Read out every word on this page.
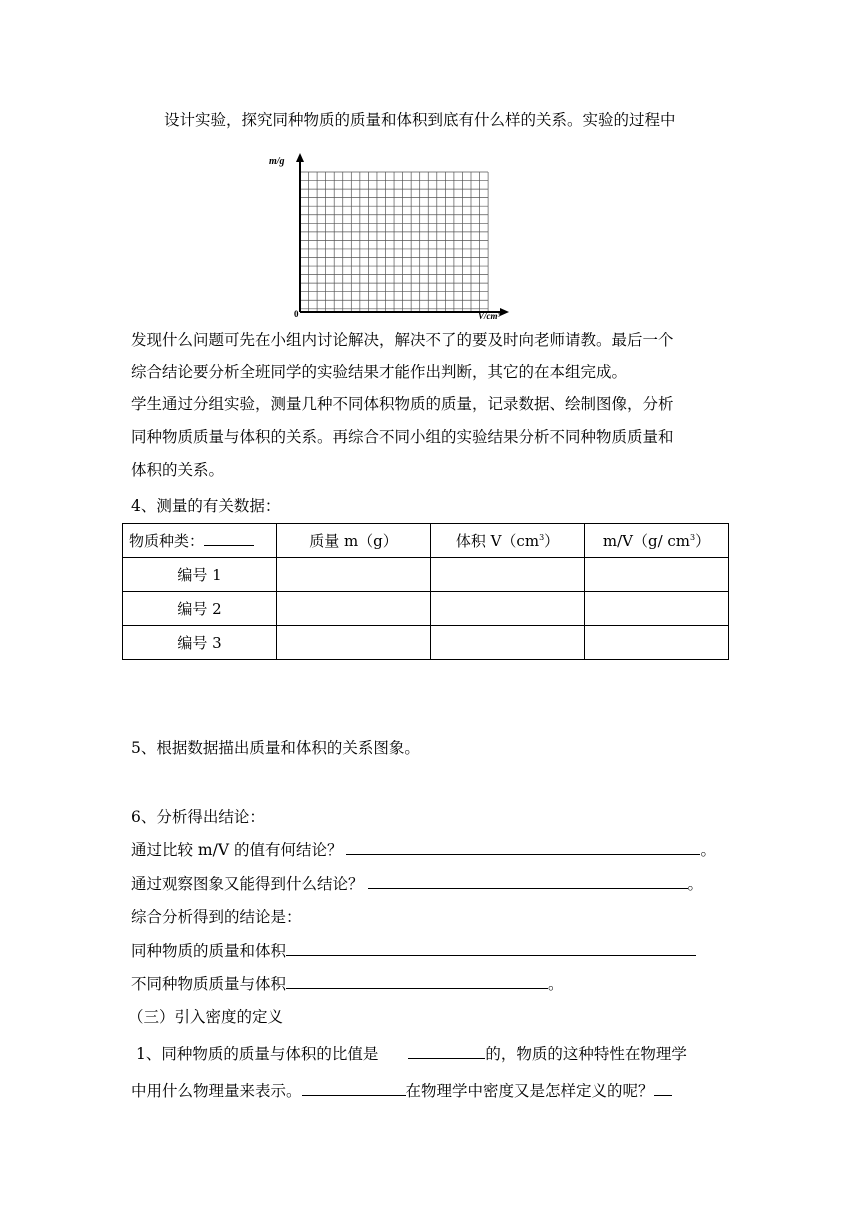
设计实验，探究同种物质的质量和体积到底有什么样的关系。实验的过程中
m/g
0	V/cm³
发现什么问题可先在小组内讨论解决，解决不了的要及时向老师请教。最后一个
综合结论要分析全班同学的实验结果才能作出判断，其它的在本组完成。
学生通过分组实验，测量几种不同体积物质的质量，记录数据、绘制图像，分析
同种物质质量与体积的关系。再综合不同小组的实验结果分析不同种物质质量和
体积的关系。
4、测量的有关数据：
物质种类：	质量 m（g）	体积 $V(cm^3)$	m/V（g/ $cm^3$）
编号 1			
编号 2			
编号 3			
5、根据数据描出质量和体积的关系图象。
6、分析得出结论：
通过比较 m/V 的值有何结论？	。
通过观察图象又能得到什么结论？	。
综合分析得到的结论是：
同种物质的质量和体积
不同种物质质量与体积	。
（三）引入密度的定义
1、同种物质的质量与体积的比值是	的，物质的这种特性在物理学
中用什么物理量来表示。	在物理学中密度又是怎样定义的呢？
